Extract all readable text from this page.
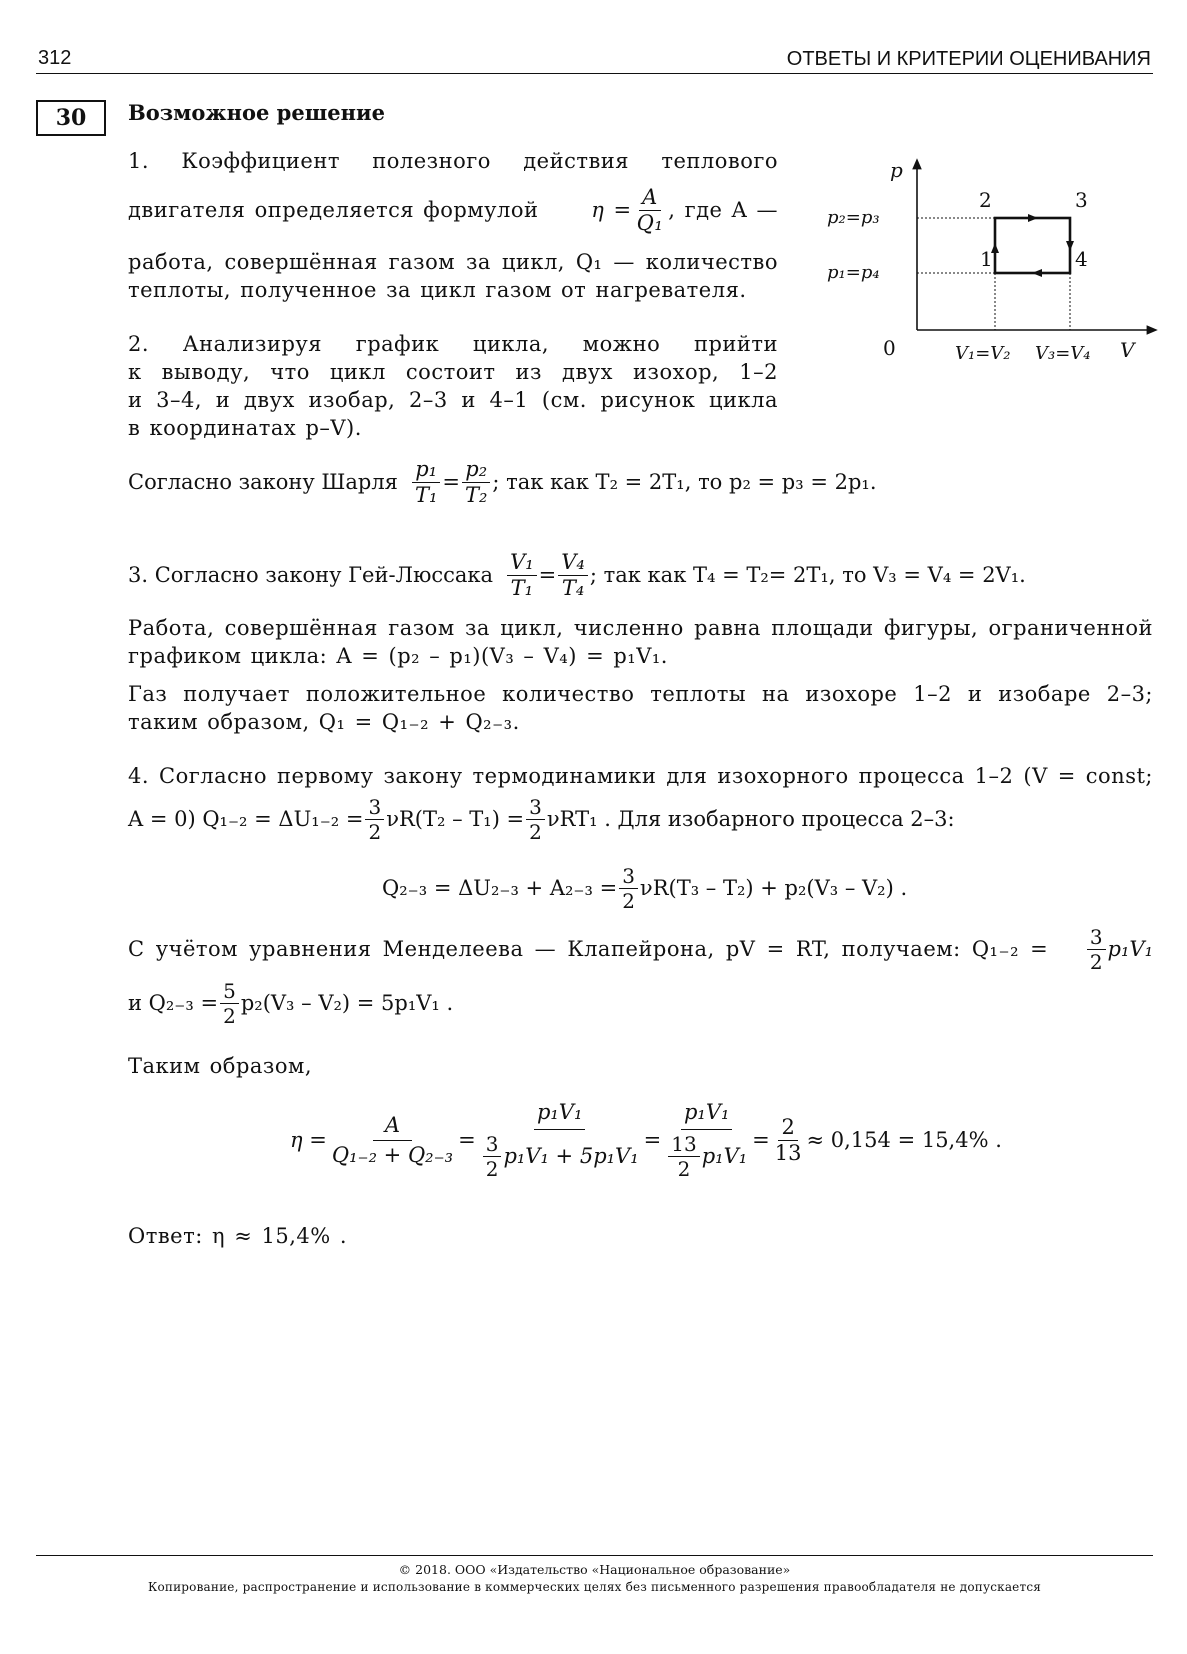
312	ОТВЕТЫ И КРИТЕРИИ ОЦЕНИВАНИЯ
30	Возможное решение
1. Коэффициент полезного действия теплового
двигателя определяется формулой	$\eta = \frac{A}{\text{Q₁}}$ , где A —
работа, совершённая газом за цикл, Q₁ — количество
теплоты, полученное за цикл газом от нагревателя.
2. Анализируя график цикла, можно прийти
к выводу, что цикл состоит из двух изохор, 1–2
и 3–4, и двух изобар, 2–3 и 4–1 (см. рисунок цикла
в координатах p–V).
p
V
0
p₂=p₃
p₁=p₄
V₁=V₂ V₃=V₄
1
2	3
4
Согласно закону Шарля $\frac{\text{p₁}}{\text{T₁}} = \frac{\text{p₂}}{\text{T₂}}$ ; так как T₂ = 2T₁, то p₂ = p₃ = 2p₁.
3. Согласно закону Гей-Люссака $\frac{\text{V₁}}{\text{T₁}} = \frac{\text{V₄}}{\text{T₄}}$ ; так как T₄ = T₂= 2T₁, то V₃ = V₄ = 2V₁.
Работа, совершённая газом за цикл, численно равна площади фигуры, ограниченной
графиком цикла: A = (p₂ – p₁)(V₃ – V₄) = p₁V₁.
Газ получает положительное количество теплоты на изохоре 1–2 и изобаре 2–3;
таким образом, Q₁ = Q₁₋₂ + Q₂₋₃.
4. Согласно первому закону термодинамики для изохорного процесса 1–2 (V = const;
A = 0) $Q_{1-2} = \Delta U_{1-2} = \frac{3}{2} \nu R(T_2 - T_1) = \frac{3}{2} \nu RT_1$ . Для изобарного процесса 2–3:
$Q_{2-3} = \Delta U_{2-3} + A_{2-3} = \frac{3}{2} \nu R(T_3 - T_2) + p_2(V_3 - V_2)$ .
С учётом уравнения Менделеева — Клапейрона, pV = RT, получаем: $Q_{1-2} = \frac{3}{2} p_1V_1$
и $Q_{2-3} = \frac{5}{2} p_2(V_3 - V_2) = 5p_1V_1$ .
Таким образом,
$\eta = \frac{A}{\text{Q₁₋₂ + Q₂₋₃}} = \frac{\text{p₁V₁}}{\frac{3}{2} p_1V_1 + 5p_1V_1} = \frac{\text{p₁V₁}}{\frac{13}{2} p_1V_1} = \frac{2}{13} \approx 0,154 = 15,4\%$ .
Ответ: η ≈ 15,4% .
© 2018. ООО «Издательство «Национальное образование»
Копирование, распространение и использование в коммерческих целях без письменного разрешения правообладателя не допускается
